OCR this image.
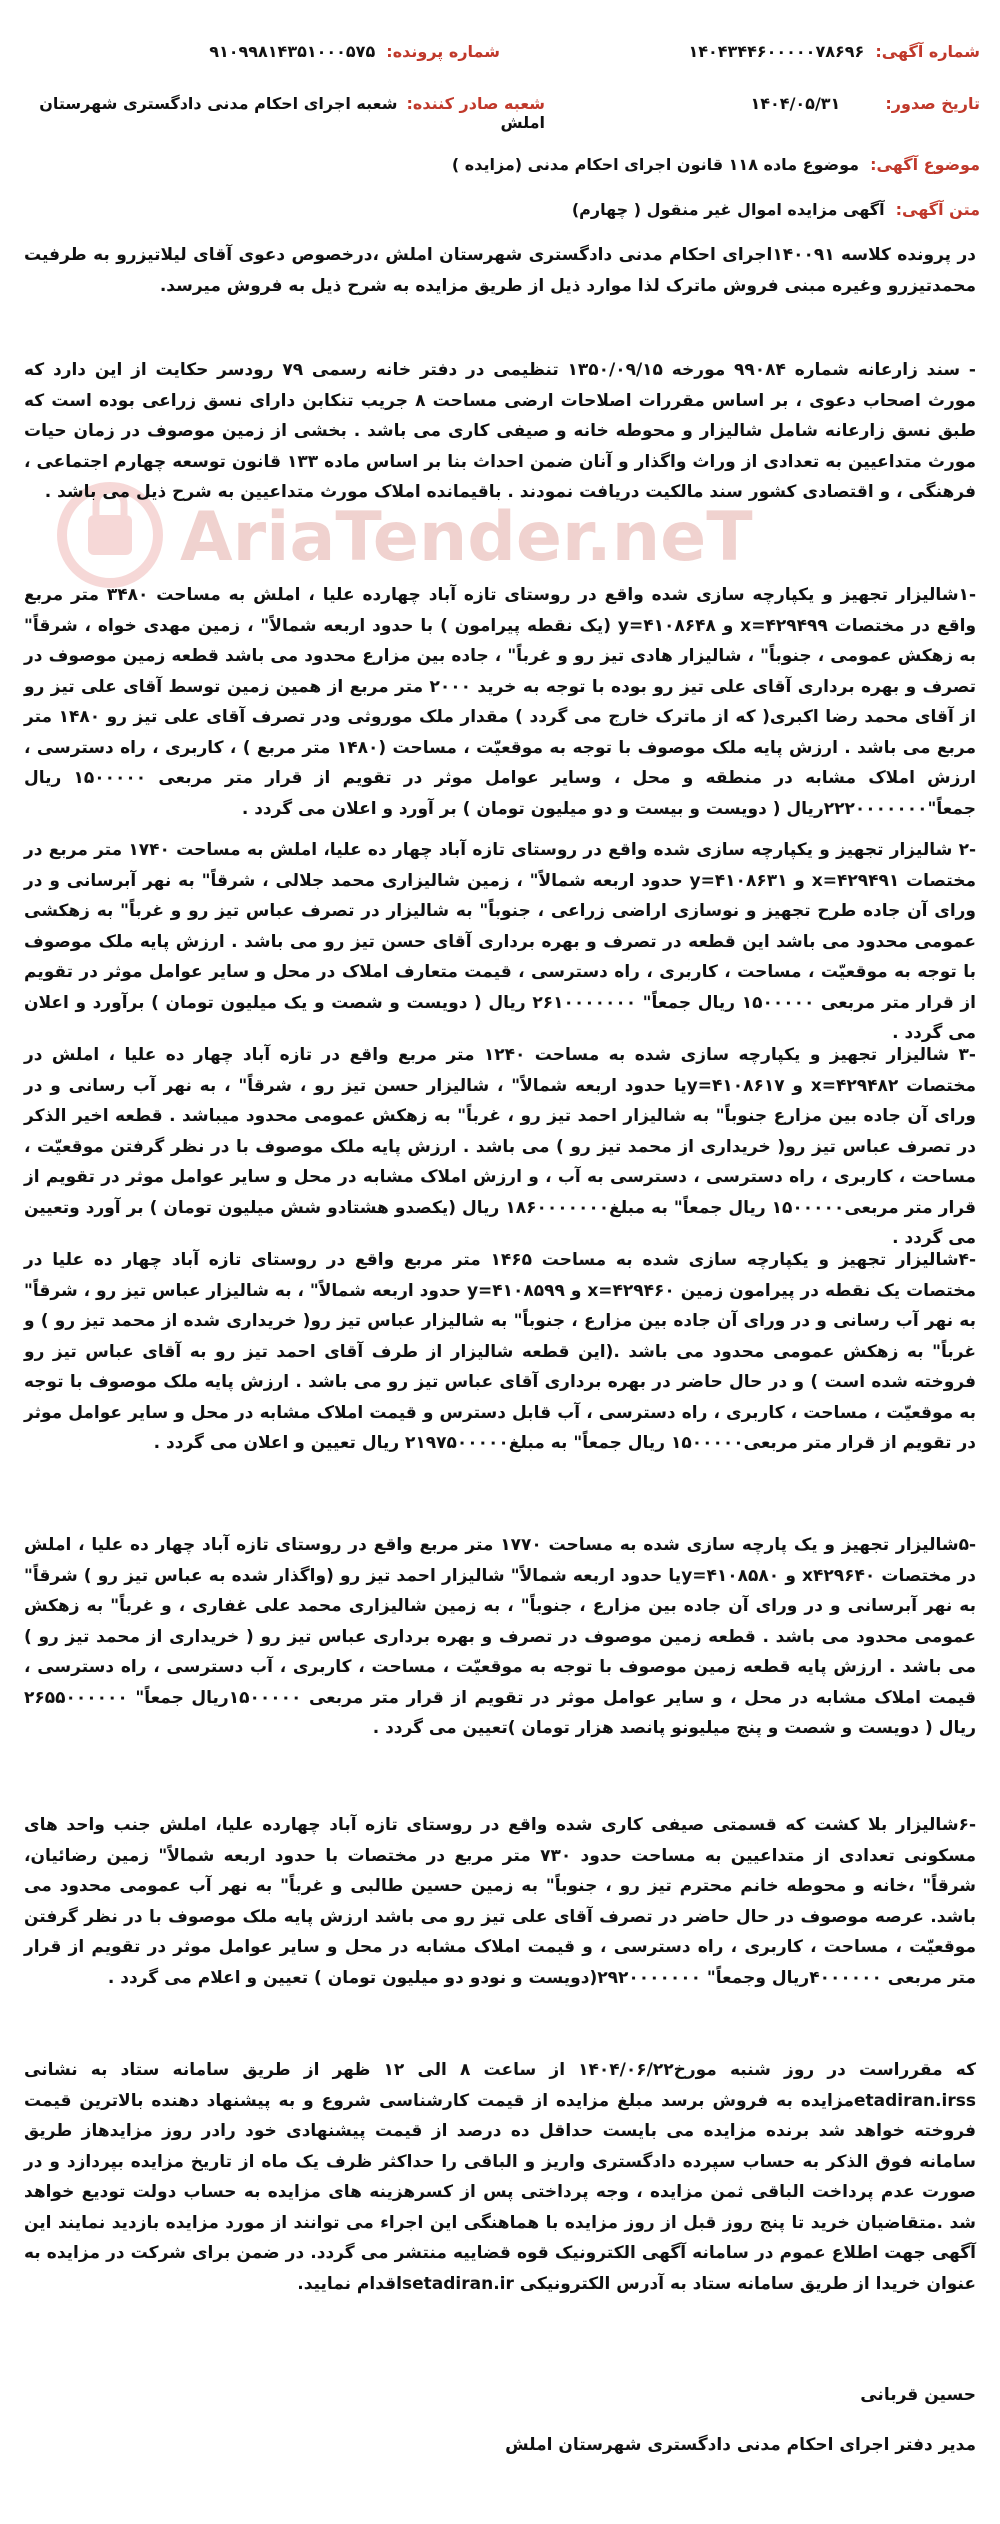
شماره آگهی: ۱۴۰۴۳۴۴۶۰۰۰۰۰۷۸۶۹۶
شماره پرونده: ۹۱۰۹۹۸۱۴۳۵۱۰۰۰۵۷۵
تاریخ صدور: ۱۴۰۴/۰۵/۳۱
شعبه صادر کننده: شعبه اجرای احکام مدنی دادگستری شهرستان املش
موضوع آگهی: موضوع ماده ۱۱۸ قانون اجرای احکام مدنی (مزایده )
متن آگهی: آگهی مزایده اموال غیر منقول ( چهارم)
AriaTender.neT
در پرونده کلاسه ۱۴۰۰۹۱اجرای احکام مدنی دادگستری شهرستان املش ،درخصوص دعوی آقای لیلاتیزرو به طرفیت محمدتیزرو وغیره مبنی فروش ماترک لذا موارد ذیل از طریق مزایده به شرح ذیل به فروش میرسد.
- سند زارعانه شماره ۹۹۰۸۴ مورخه ۱۳۵۰/۰۹/۱۵ تنظیمی در دفتر خانه رسمی ۷۹ رودسر حکایت از این دارد که مورث اصحاب دعوی ، بر اساس مقررات اصلاحات ارضی مساحت ۸ جریب تنکابن دارای نسق زراعی بوده است که طبق نسق زارعانه شامل شالیزار و محوطه خانه و صیفی کاری می باشد . بخشی از زمین موصوف در زمان حیات مورث متداعیین به تعدادی از وراث واگذار و آنان ضمن احداث بنا بر اساس ماده ۱۳۳ قانون توسعه چهارم اجتماعی ، فرهنگی ، و اقتصادی کشور سند مالکیت دریافت نمودند . باقیمانده املاک مورث متداعیین به شرح ذیل می باشد .
-۱شالیزار تجهیز و یکپارچه سازی شده واقع در روستای تازه آباد چهارده علیا ، املش به مساحت ۳۴۸۰ متر مربع واقع در مختصات ۴۲۹۴۹۹=x و y=۴۱۰۸۶۴۸ (یک نقطه پیرامون ) با حدود اربعه شمالاً" ، زمین مهدی خواه ، شرقاً" به زهکش عمومی ، جنوباً" ، شالیزار هادی تیز رو و غرباً" ، جاده بین مزارع محدود می باشد قطعه زمین موصوف در تصرف و بهره برداری آقای علی تیز رو بوده با توجه به خرید ۲۰۰۰ متر مربع از همین زمین توسط آقای علی تیز رو از آقای محمد رضا اکبری( که از ماترک خارج می گردد ) مقدار ملک موروثی ودر تصرف آقای علی تیز رو ۱۴۸۰ متر مربع می باشد . ارزش پایه ملک موصوف با توجه به موقعیّت ، مساحت (۱۴۸۰ متر مربع ) ، کاربری ، راه دسترسی ، ارزش املاک مشابه در منطقه و محل ، وسایر عوامل موثر در تقویم از قرار متر مربعی ۱۵۰۰۰۰۰ ریال جمعاً"۲۲۲۰۰۰۰۰۰۰ریال ( دویست و بیست و دو میلیون تومان ) بر آورد و اعلان می گردد .
-۲ شالیزار تجهیز و یکپارچه سازی شده واقع در روستای تازه آباد چهار ده علیا، املش به مساحت ۱۷۴۰ متر مربع در مختصات ۴۲۹۴۹۱=x و y=۴۱۰۸۶۳۱ حدود اربعه شمالاً" ، زمین شالیزاری محمد جلالی ، شرقاً" به نهر آبرسانی و در ورای آن جاده طرح تجهیز و نوسازی اراضی زراعی ، جنوباً" به شالیزار در تصرف عباس تیز رو و غرباً" به زهکشی عمومی محدود می باشد این قطعه در تصرف و بهره برداری آقای حسن تیز رو می باشد . ارزش پایه ملک موصوف با توجه به موقعیّت ، مساحت ، کاربری ، راه دسترسی ، قیمت متعارف املاک در محل و سایر عوامل موثر در تقویم از قرار متر مربعی ۱۵۰۰۰۰۰ ریال جمعاً" ۲۶۱۰۰۰۰۰۰۰ ریال ( دویست و شصت و یک میلیون تومان ) برآورد و اعلان می گردد .
-۳ شالیزار تجهیز و یکپارچه سازی شده به مساحت ۱۲۴۰ متر مربع واقع در تازه آباد چهار ده علیا ، املش در مختصات x=۴۲۹۴۸۲ و y=۴۱۰۸۶۱۷یا حدود اربعه شمالاً" ، شالیزار حسن تیز رو ، شرقاً" ، به نهر آب رسانی و در ورای آن جاده بین مزارع جنوباً" به شالیزار احمد تیز رو ، غرباً" به زهکش عمومی محدود میباشد . قطعه اخیر الذکر در تصرف عباس تیز رو( خریداری از محمد تیز رو ) می باشد . ارزش پایه ملک موصوف با در نظر گرفتن موقعیّت ، مساحت ، کاربری ، راه دسترسی ، دسترسی به آب ، و ارزش املاک مشابه در محل و سایر عوامل موثر در تقویم از قرار متر مربعی۱۵۰۰۰۰۰ ریال جمعاً" به مبلغ۱۸۶۰۰۰۰۰۰۰ ریال (یکصدو هشتادو شش میلیون تومان ) بر آورد وتعیین می گردد .
-۴شالیزار تجهیز و یکپارچه سازی شده به مساحت ۱۴۶۵ متر مربع واقع در روستای تازه آباد چهار ده علیا در مختصات یک نقطه در پیرامون زمین x=۴۲۹۴۶۰ و y=۴۱۰۸۵۹۹ حدود اربعه شمالاً" ، به شالیزار عباس تیز رو ، شرقاً" به نهر آب رسانی و در ورای آن جاده بین مزارع ، جنوباً" به شالیزار عباس تیز رو( خریداری شده از محمد تیز رو ) و غرباً" به زهکش عمومی محدود می باشد .(این قطعه شالیزار از طرف آقای احمد تیز رو به آقای عباس تیز رو فروخته شده است ) و در حال حاضر در بهره برداری آقای عباس تیز رو می باشد . ارزش پایه ملک موصوف با توجه به موقعیّت ، مساحت ، کاربری ، راه دسترسی ، آب قابل دسترس و قیمت املاک مشابه در محل و سایر عوامل موثر در تقویم از قرار متر مربعی۱۵۰۰۰۰۰ ریال جمعاً" به مبلغ۲۱۹۷۵۰۰۰۰۰ ریال تعیین و اعلان می گردد .
-۵شالیزار تجهیز و یک پارچه سازی شده به مساحت ۱۷۷۰ متر مربع واقع در روستای تازه آباد چهار ده علیا ، املش در مختصات x۴۲۹۶۴۰ و y=۴۱۰۸۵۸۰یا حدود اربعه شمالاً" شالیزار احمد تیز رو (واگذار شده به عباس تیز رو ) شرقاً" به نهر آبرسانی و در ورای آن جاده بین مزارع ، جنوباً" ، به زمین شالیزاری محمد علی غفاری ، و غرباً" به زهکش عمومی محدود می باشد . قطعه زمین موصوف در تصرف و بهره برداری عباس تیز رو ( خریداری از محمد تیز رو ) می باشد . ارزش پایه قطعه زمین موصوف با توجه به موقعیّت ، مساحت ، کاربری ، آب دسترسی ، راه دسترسی ، قیمت املاک مشابه در محل ، و سایر عوامل موثر در تقویم از قرار متر مربعی ۱۵۰۰۰۰۰ریال جمعاً" ۲۶۵۵۰۰۰۰۰۰ ریال ( دویست و شصت و پنج میلیونو پانصد هزار تومان )تعیین می گردد .
-۶شالیزار بلا کشت که قسمتی صیفی کاری شده واقع در روستای تازه آباد چهارده علیا، املش جنب واحد های مسکونی تعدادی از متداعیین به مساحت حدود ۷۳۰ متر مربع در مختصات با حدود اربعه شمالاً" زمین رضائیان، شرقاً" ،خانه و محوطه خانم محترم تیز رو ، جنوباً" به زمین حسین طالبی و غرباً" به نهر آب عمومی محدود می باشد. عرصه موصوف در حال حاضر در تصرف آقای علی تیز رو می باشد ارزش پایه ملک موصوف با در نظر گرفتن موقعیّت ، مساحت ، کاربری ، راه دسترسی ، و قیمت املاک مشابه در محل و سایر عوامل موثر در تقویم از قرار متر مربعی ۴۰۰۰۰۰۰ریال وجمعاً" ۲۹۲۰۰۰۰۰۰۰(دویست و نودو دو میلیون تومان ) تعیین و اعلام می گردد .
که مقرراست در روز شنبه مورخ۱۴۰۴/۰۶/۲۲ از ساعت ۸ الی ۱۲ ظهر از طریق سامانه ستاد به نشانی etadiran.irssمزایده به فروش برسد مبلغ مزایده از قیمت کارشناسی شروع و به پیشنهاد دهنده بالاترین قیمت فروخته خواهد شد برنده مزایده می بایست حداقل ده درصد از قیمت پیشنهادی خود رادر روز مزایدهاز طریق سامانه فوق الذکر به حساب سپرده دادگستری واریز و الباقی را حداکثر ظرف یک ماه از تاریخ مزایده بپردازد و در صورت عدم پرداخت الباقی ثمن مزایده ، وجه پرداختی پس از کسرهزینه های مزایده به حساب دولت تودیع خواهد شد .متقاضیان خرید تا پنج روز قبل از روز مزایده با هماهنگی این اجراء می توانند از مورد مزایده بازدید نمایند این آگهی جهت اطلاع عموم در سامانه آگهی الکترونیک قوه قضاییه منتشر می گردد. در ضمن برای شرکت در مزایده به عنوان خریدا از طریق سامانه ستاد به آدرس الکترونیکی setadiran.irاقدام نمایید.
حسین قربانی
مدیر دفتر اجرای احکام مدنی دادگستری شهرستان املش
